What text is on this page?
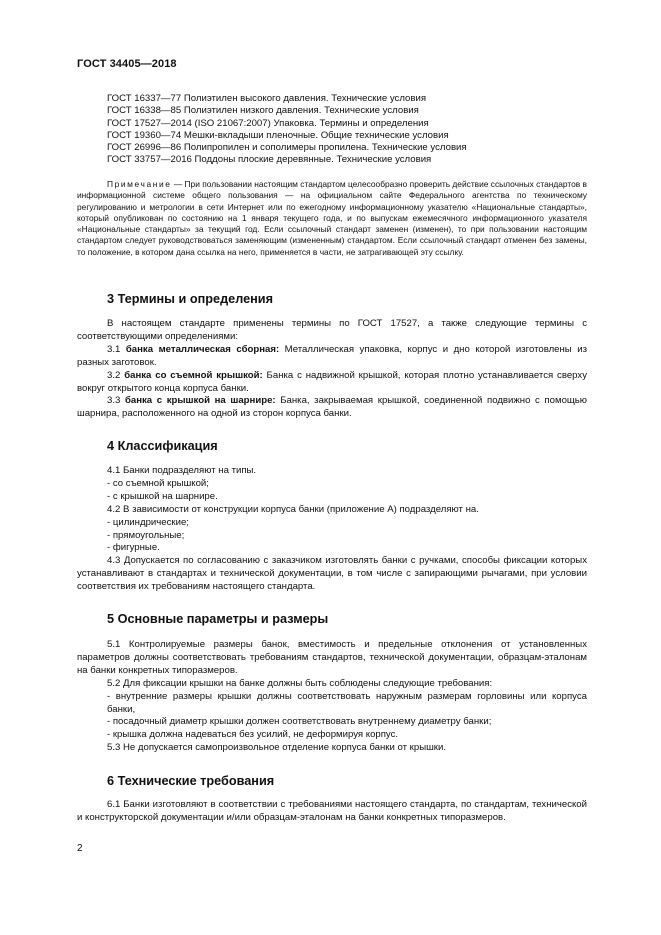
ГОСТ 34405—2018
ГОСТ 16337—77 Полиэтилен высокого давления. Технические условия
ГОСТ 16338—85 Полиэтилен низкого давления. Технические условия
ГОСТ 17527—2014 (ISO 21067:2007) Упаковка. Термины и определения
ГОСТ 19360—74 Мешки-вкладыши пленочные. Общие технические условия
ГОСТ 26996—86 Полипропилен и сополимеры пропилена. Технические условия
ГОСТ 33757—2016 Поддоны плоские деревянные. Технические условия
Примечание — При пользовании настоящим стандартом целесообразно проверить действие ссылочных стандартов в информационной системе общего пользования — на официальном сайте Федерального агентства по техническому регулированию и метрологии в сети Интернет или по ежегодному информационному указателю «Национальные стандарты», который опубликован по состоянию на 1 января текущего года, и по выпускам ежемесячного информационного указателя «Национальные стандарты» за текущий год. Если ссылочный стандарт заменен (изменен), то при пользовании настоящим стандартом следует руководствоваться заменяющим (измененным) стандартом. Если ссылочный стандарт отменен без замены, то положение, в котором дана ссылка на него, применяется в части, не затрагивающей эту ссылку.
3 Термины и определения

В настоящем стандарте применены термины по ГОСТ 17527, а также следующие термины с соответствующими определениями:

3.1 банка металлическая сборная: Металлическая упаковка, корпус и дно которой изготовлены из разных заготовок.

3.2 банка со съемной крышкой: Банка с надвижной крышкой, которая плотно устанавливается сверху вокруг открытого конца корпуса банки.

3.3 банка с крышкой на шарнире: Банка, закрываемая крышкой, соединенной подвижно с помощью шарнира, расположенного на одной из сторон корпуса банки.

4 Классификация

4.1 Банки подразделяют на типы.

- со съемной крышкой;

- с крышкой на шарнире.

4.2 В зависимости от конструкции корпуса банки (приложение А) подразделяют на.

- цилиндрические;

- прямоугольные;

- фигурные.

4.3 Допускается по согласованию с заказчиком изготовлять банки с ручками, способы фиксации которых устанавливают в стандартах и технической документации, в том числе с запирающими рычагами, при условии соответствия их требованиям настоящего стандарта.

5 Основные параметры и размеры

5.1 Контролируемые размеры банок, вместимость и предельные отклонения от установленных параметров должны соответствовать требованиям стандартов, технической документации, образцам-эталонам на банки конкретных типоразмеров.

5.2 Для фиксации крышки на банке должны быть соблюдены следующие требования:

- внутренние размеры крышки должны соответствовать наружным размерам горловины или корпуса банки,

- посадочный диаметр крышки должен соответствовать внутреннему диаметру банки;

- крышка должна надеваться без усилий, не деформируя корпус.

5.3 Не допускается самопроизвольное отделение корпуса банки от крышки.

6 Технические требования

6.1 Банки изготовляют в соответствии с требованиями настоящего стандарта, по стандартам, технической и конструкторской документации и/или образцам-эталонам на банки конкретных типоразмеров.

2
